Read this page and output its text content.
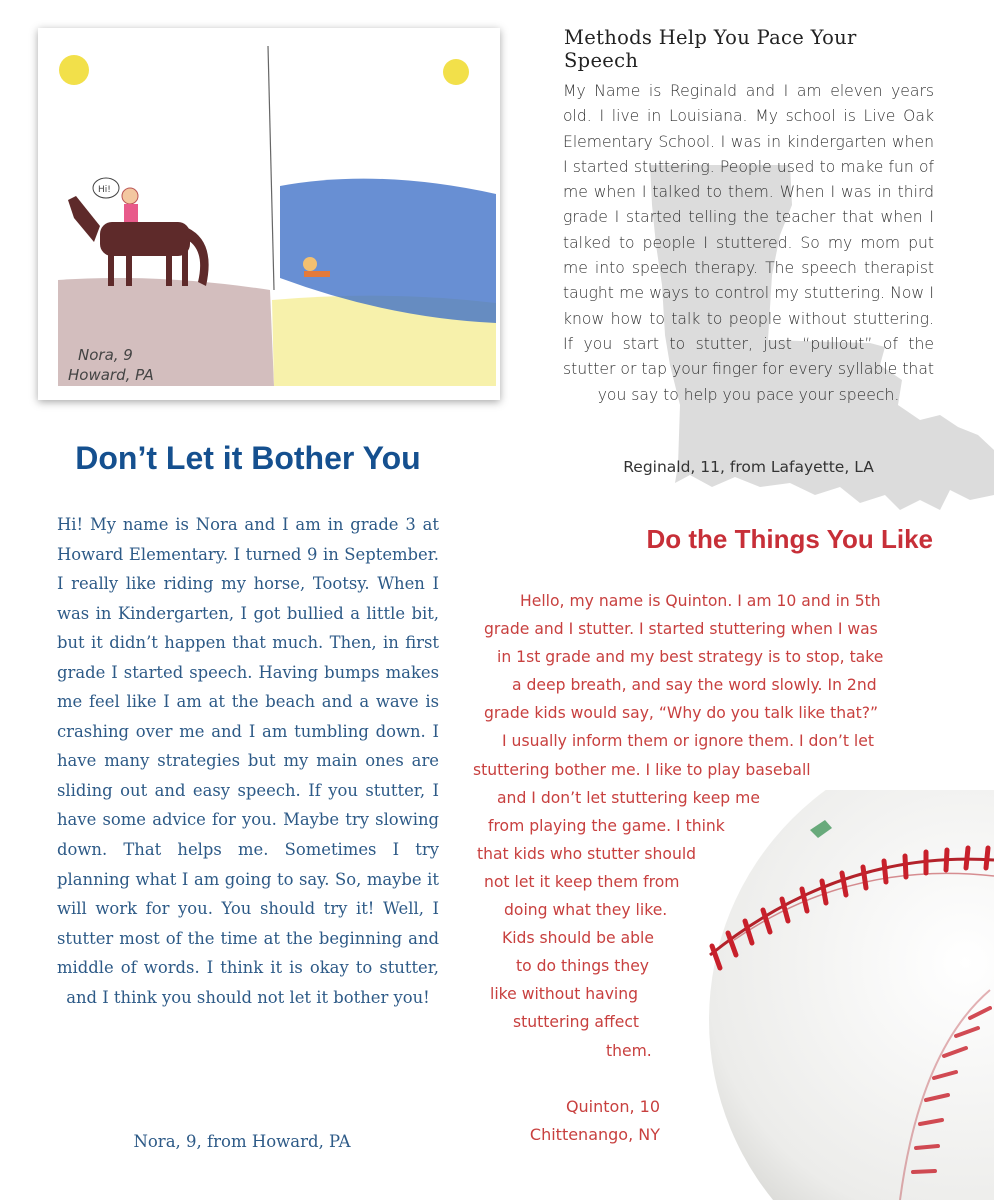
Hi!
Nora, 9
Howard, PA
Methods Help You Pace Your Speech
My Name is Reginald and I am eleven years old. I live in Louisiana. My school is Live Oak Elementary School. I was in kindergarten when I started stuttering. People used to make fun of me when I talked to them. When I was in third grade I started telling the teacher that when I talked to people I stuttered. So my mom put me into speech therapy. The speech therapist taught me ways to control my stuttering. Now I know how to talk to people without stuttering. If you start to stutter, just “pullout” of the stutter or tap your finger for every syllable that you say to help you pace your speech.
Reginald, 11, from Lafayette, LA
Don’t Let it Bother You
Hi! My name is Nora and I am in grade 3 at Howard Elementary. I turned 9 in September. I really like riding my horse, Tootsy. When I was in Kindergarten, I got bullied a little bit, but it didn’t happen that much. Then, in first grade I started speech. Having bumps makes me feel like I am at the beach and a wave is crashing over me and I am tumbling down. I have many strategies but my main ones are sliding out and easy speech. If you stutter, I have some advice for you. Maybe try slowing down. That helps me. Sometimes I try planning what I am going to say. So, maybe it will work for you. You should try it! Well, I stutter most of the time at the beginning and middle of words. I think it is okay to stutter, and I think you should not let it bother you!
Nora, 9, from Howard, PA
Do the Things You Like
Hello, my name is Quinton. I am 10 and in 5th
grade and I stutter. I started stuttering when I was
in 1st grade and my best strategy is to stop, take
a deep breath, and say the word slowly. In 2nd
grade kids would say, “Why do you talk like that?”
I usually inform them or ignore them. I don’t let
stuttering bother me. I like to play baseball
and I don’t let stuttering keep me
from playing the game. I think
that kids who stutter should
not let it keep them from
doing what they like.
Kids should be able
to do things they
like without having
stuttering affect
them.
Quinton, 10
Chittenango, NY
